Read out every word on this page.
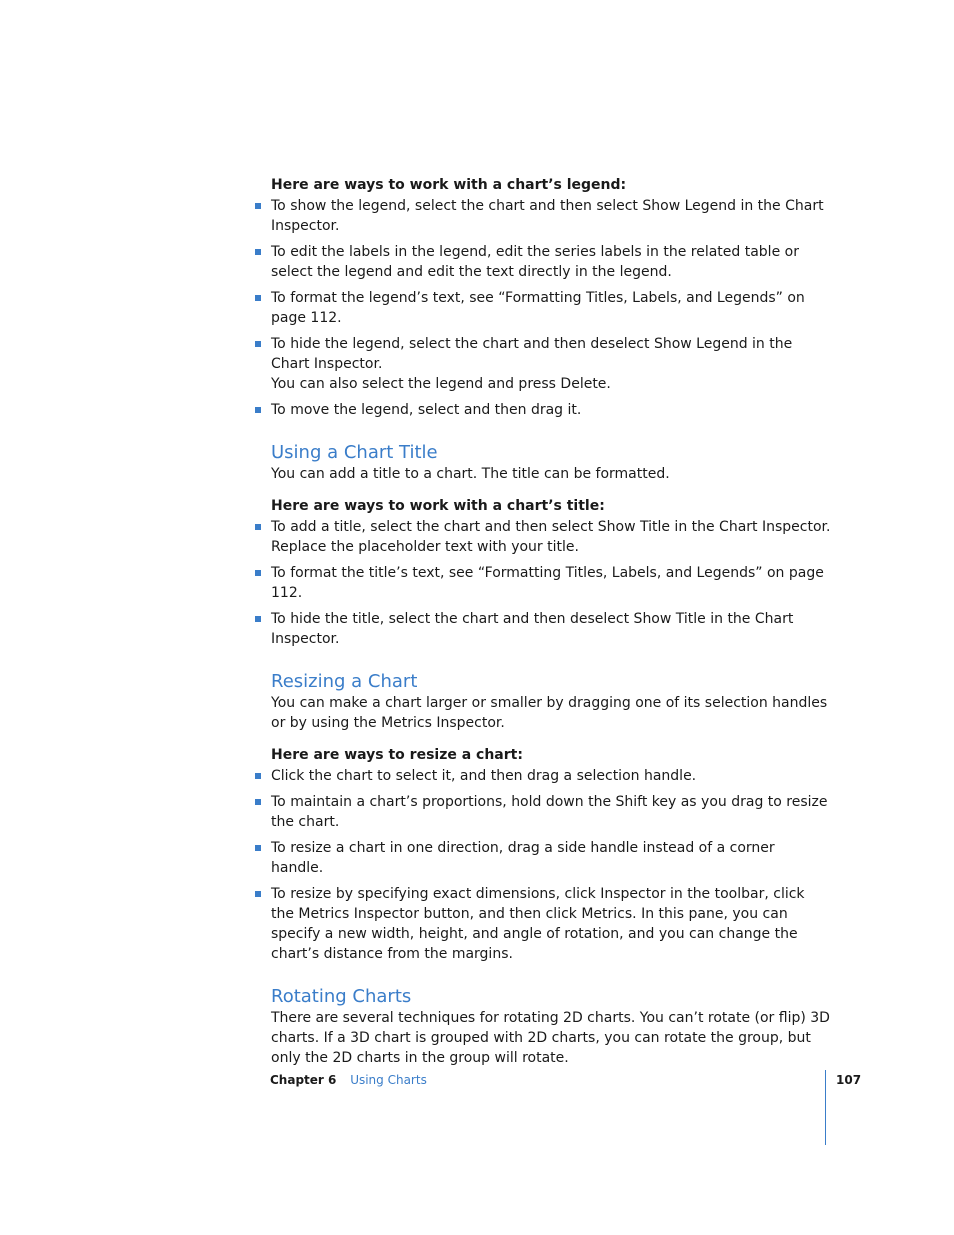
Here are ways to work with a chart’s legend:

To show the legend, select the chart and then select Show Legend in the Chart Inspector.
To edit the labels in the legend, edit the series labels in the related table or select the legend and edit the text directly in the legend.
To format the legend’s text, see “Formatting Titles, Labels, and Legends” on page 112.
To hide the legend, select the chart and then deselect Show Legend in the Chart Inspector.

You can also select the legend and press Delete.

To move the legend, select and then drag it.
Using a Chart Title

You can add a title to a chart. The title can be formatted.

Here are ways to work with a chart’s title:

To add a title, select the chart and then select Show Title in the Chart Inspector. Replace the placeholder text with your title.
To format the title’s text, see “Formatting Titles, Labels, and Legends” on page 112.
To hide the title, select the chart and then deselect Show Title in the Chart Inspector.
Resizing a Chart

You can make a chart larger or smaller by dragging one of its selection handles or by using the Metrics Inspector.

Here are ways to resize a chart:

Click the chart to select it, and then drag a selection handle.
To maintain a chart’s proportions, hold down the Shift key as you drag to resize the chart.
To resize a chart in one direction, drag a side handle instead of a corner handle.
To resize by specifying exact dimensions, click Inspector in the toolbar, click the Metrics Inspector button, and then click Metrics. In this pane, you can specify a new width, height, and angle of rotation, and you can change the chart’s distance from the margins.
Rotating Charts

There are several techniques for rotating 2D charts. You can’t rotate (or flip) 3D charts. If a 3D chart is grouped with 2D charts, you can rotate the group, but only the 2D charts in the group will rotate.

Chapter 6 Using Charts	107
